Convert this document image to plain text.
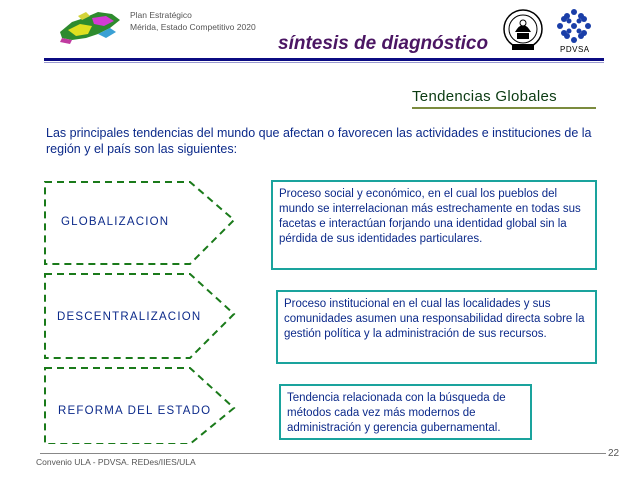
Plan Estratégico
Mérida, Estado Competitivo 2020
síntesis de diagnóstico	PDVSA
Tendencias Globales
Las principales tendencias del mundo que afectan o favorecen las actividades e instituciones de la región y el país son las siguientes:
GLOBALIZACION
DESCENTRALIZACION
REFORMA DEL ESTADO
Proceso social y económico, en el cual los pueblos del mundo se interrelacionan más estrechamente en todas sus facetas e interactúan forjando una identidad global sin la pérdida de sus identidades particulares.
Proceso institucional en el cual las localidades y sus comunidades asumen una responsabilidad directa sobre la gestión política y la administración de sus recursos.
Tendencia relacionada con la búsqueda de métodos cada vez más modernos de administración y gerencia gubernamental.
Convenio ULA - PDVSA. REDes/IIES/ULA
22
